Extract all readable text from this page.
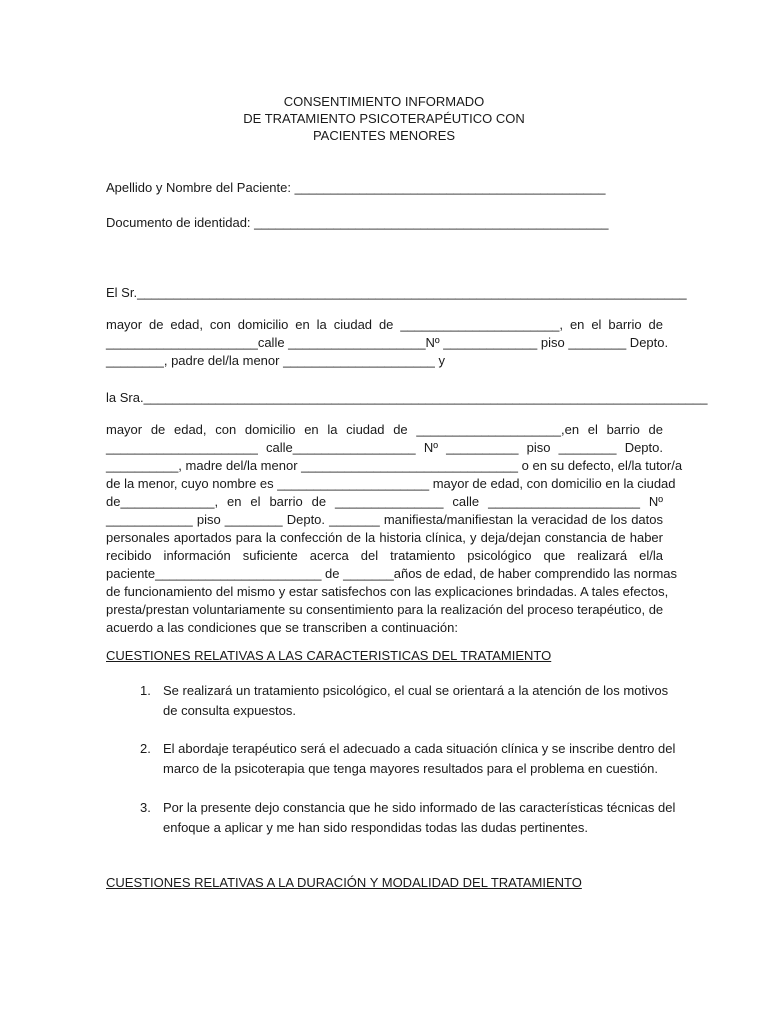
CONSENTIMIENTO INFORMADO
DE TRATAMIENTO PSICOTERAPÉUTICO CON
PACIENTES MENORES
Apellido y Nombre del Paciente: ___________________________________________
Documento de identidad: _________________________________________________
El Sr.____________________________________________________________________________
mayor de edad, con domicilio en la ciudad de ______________________, en el barrio de
_____________________calle ___________________Nº _____________ piso ________ Depto.
________, padre del/la menor _____________________ y
la Sra.______________________________________________________________________________
mayor de edad, con domicilio en la ciudad de ____________________,en el barrio de
_____________________ calle_________________ Nº __________ piso ________ Depto.
__________, madre del/la menor ______________________________ o en su defecto, el/la tutor/a
de la menor, cuyo nombre es _____________________ mayor de edad, con domicilio en la ciudad
de_____________, en el barrio de _______________ calle _____________________ Nº
____________ piso ________ Depto. _______ manifiesta/manifiestan la veracidad de los datos
personales aportados para la confección de la historia clínica, y deja/dejan constancia de haber
recibido información suficiente acerca del tratamiento psicológico que realizará el/la
paciente_______________________ de _______años de edad, de haber comprendido las normas
de funcionamiento del mismo y estar satisfechos con las explicaciones brindadas. A tales efectos,
presta/prestan voluntariamente su consentimiento para la realización del proceso terapéutico, de
acuerdo a las condiciones que se transcriben a continuación:
CUESTIONES RELATIVAS A LAS CARACTERISTICAS DEL TRATAMIENTO
1. Se realizará un tratamiento psicológico, el cual se orientará a la atención de los motivos
de consulta expuestos.
2. El abordaje terapéutico será el adecuado a cada situación clínica y se inscribe dentro del
marco de la psicoterapia que tenga mayores resultados para el problema en cuestión.
3. Por la presente dejo constancia que he sido informado de las características técnicas del
enfoque a aplicar y me han sido respondidas todas las dudas pertinentes.
CUESTIONES RELATIVAS A LA DURACIÓN Y MODALIDAD DEL TRATAMIENTO
